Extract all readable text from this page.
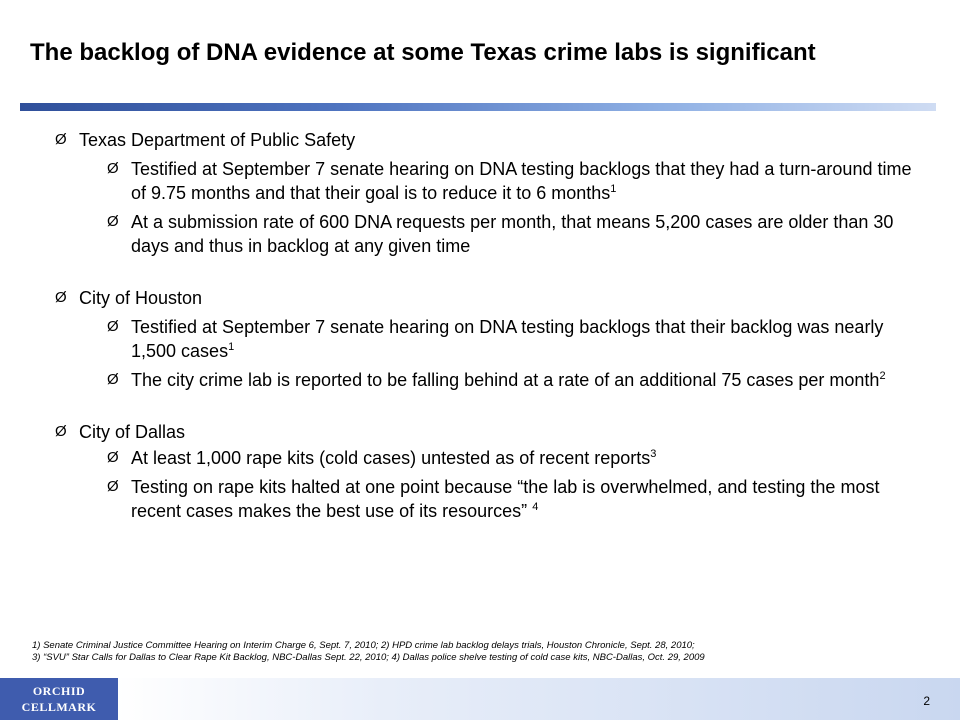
The backlog of DNA evidence at some Texas crime labs is significant
Ø Texas Department of Public Safety
Ø Testified at September 7 senate hearing on DNA testing backlogs that they had a turn-around time of 9.75 months and that their goal is to reduce it to 6 months$^1$
Ø At a submission rate of 600 DNA requests per month, that means 5,200 cases are older than 30 days and thus in backlog at any given time
Ø City of Houston
Ø Testified at September 7 senate hearing on DNA testing backlogs that their backlog was nearly 1,500 cases$^1$
Ø The city crime lab is reported to be falling behind at a rate of an additional 75 cases per month$^2$
Ø City of Dallas
Ø At least 1,000 rape kits (cold cases) untested as of recent reports$^3$
Ø Testing on rape kits halted at one point because “the lab is overwhelmed, and testing the most recent cases makes the best use of its resources” $^4$
1) Senate Criminal Justice Committee Hearing on Interim Charge 6, Sept. 7, 2010; 2) HPD crime lab backlog delays trials, Houston Chronicle, Sept. 28, 2010;
3) “SVU” Star Calls for Dallas to Clear Rape Kit Backlog, NBC-Dallas Sept. 22, 2010; 4) Dallas police shelve testing of cold case kits, NBC-Dallas, Oct. 29, 2009
ORCHID
CELLMARK	2
